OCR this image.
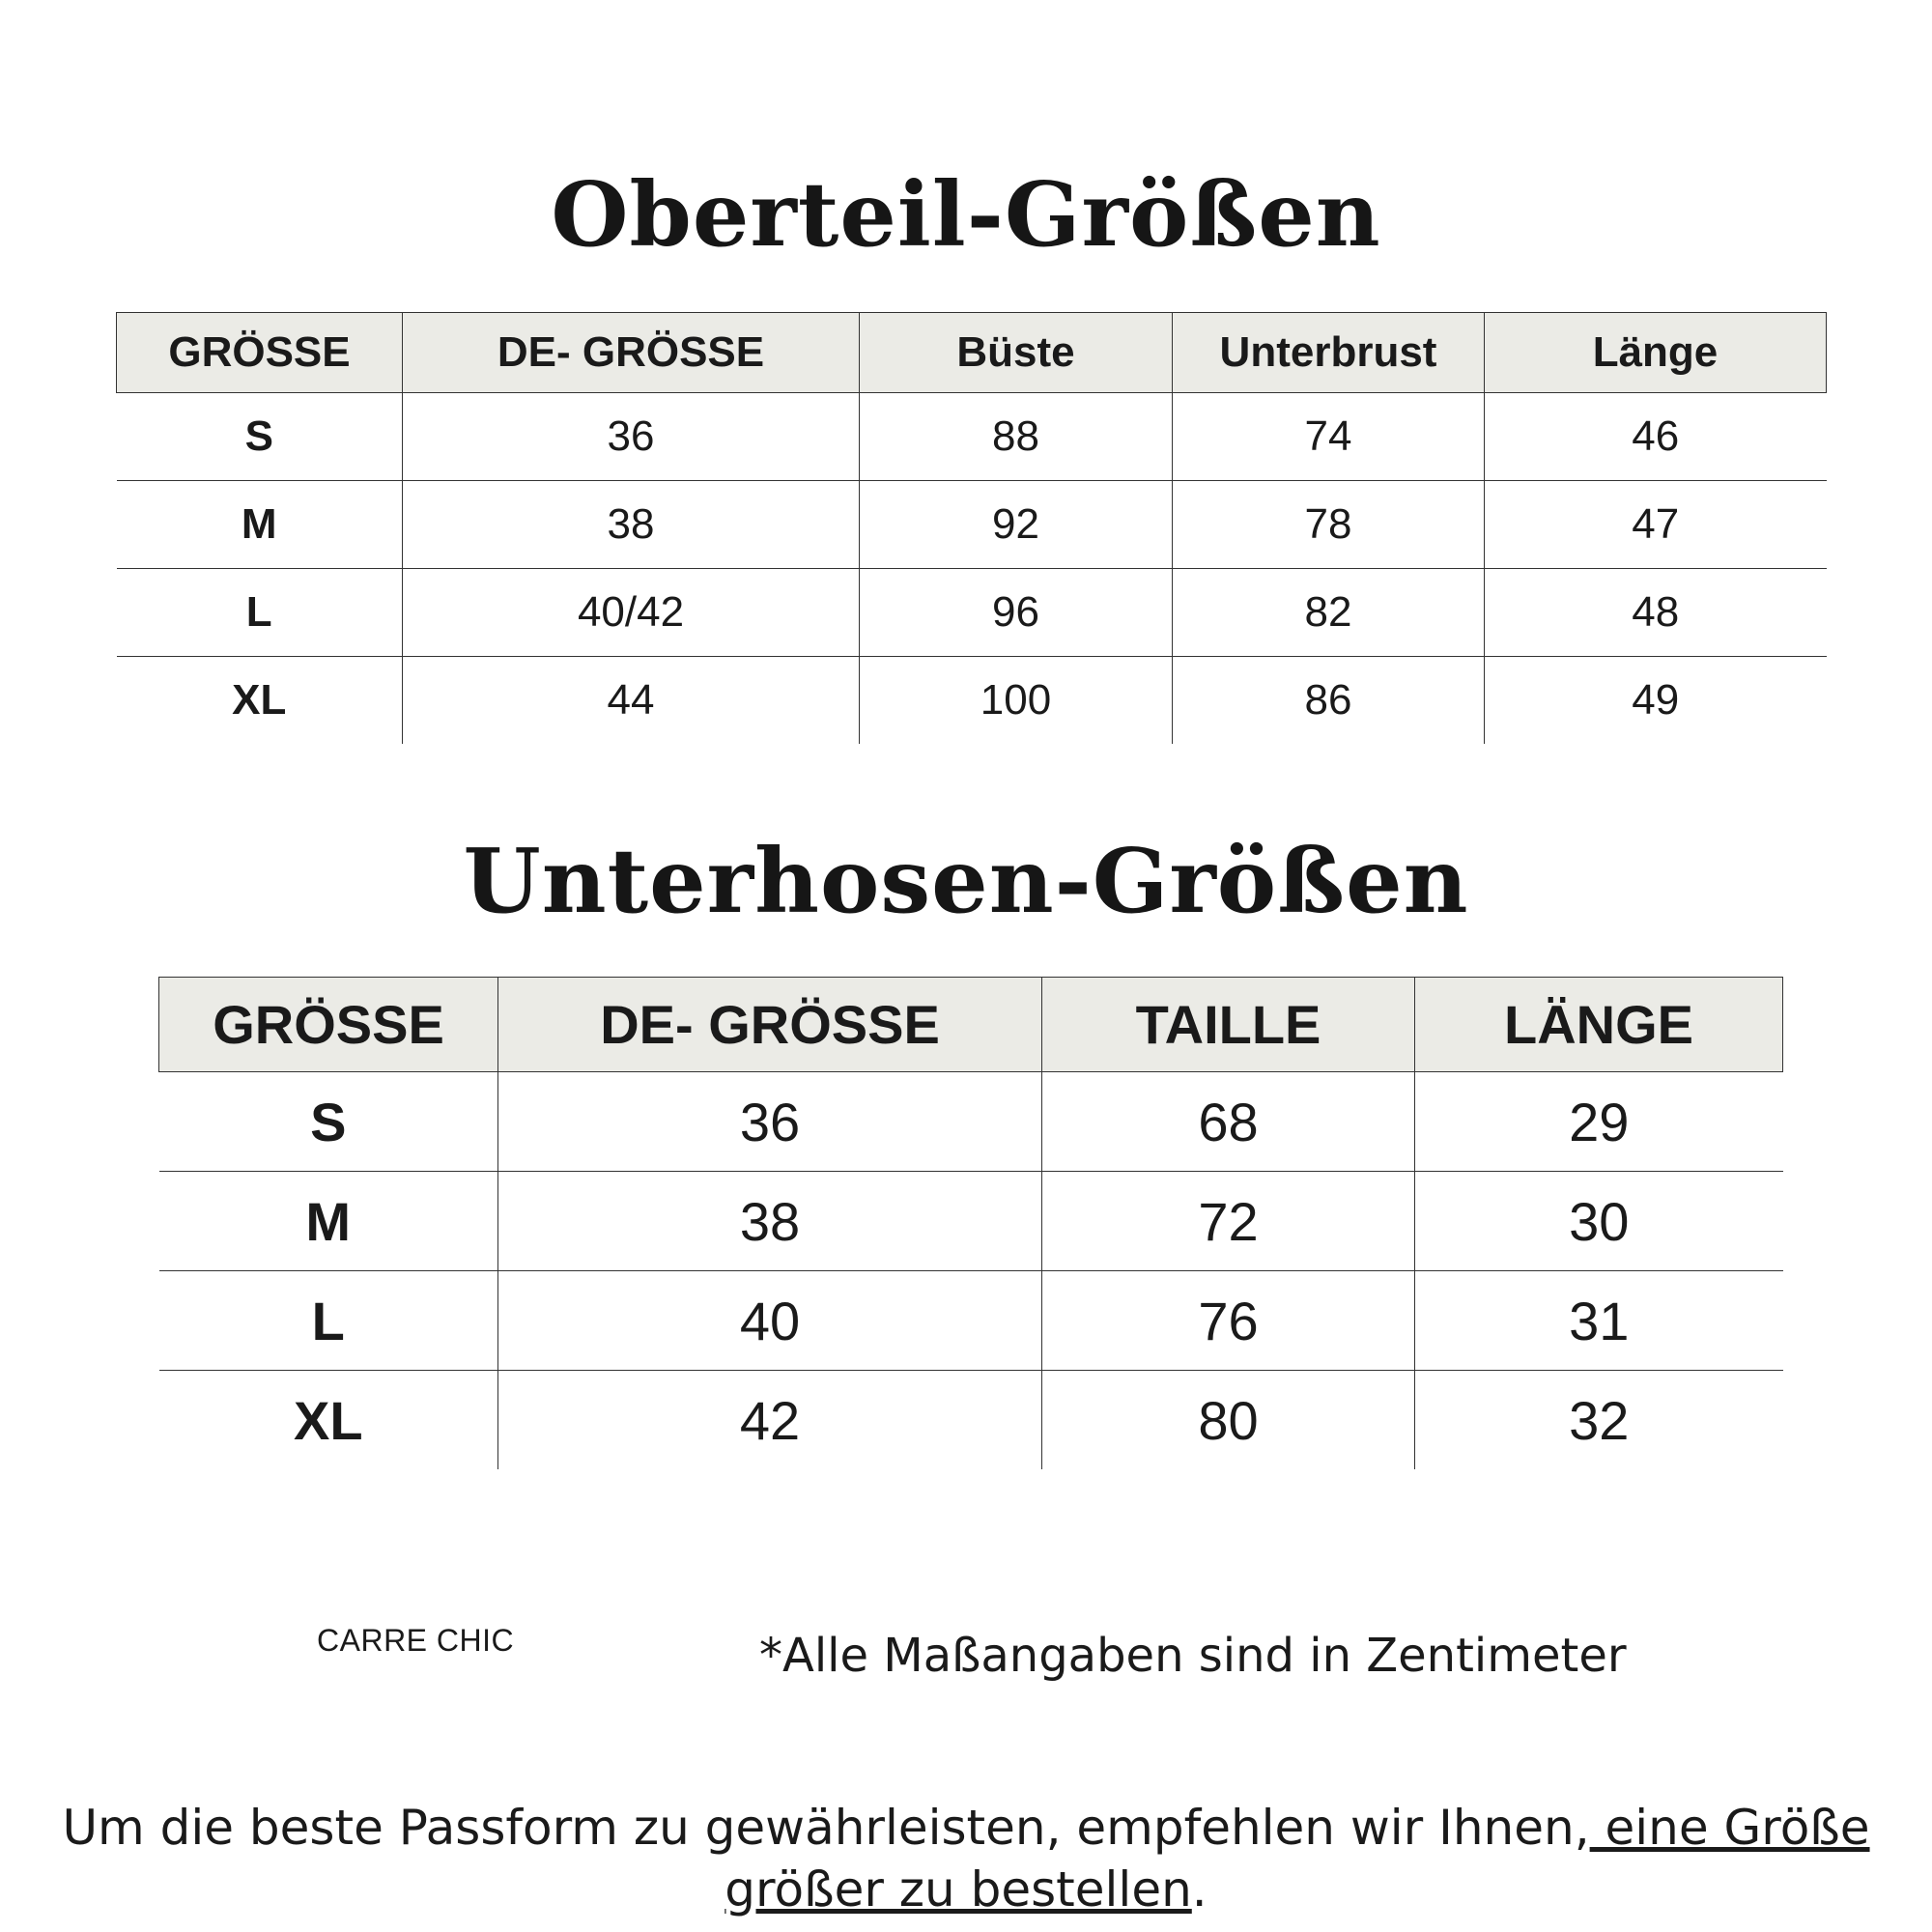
Oberteil-Größen
GRÖSSE	DE- GRÖSSE	Büste	Unterbrust	Länge
S	36	88	74	46
M	38	92	78	47
L	40/42	96	82	48
XL	44	100	86	49
Unterhosen-Größen
GRÖSSE	DE- GRÖSSE	TAILLE	LÄNGE
S	36	68	29
M	38	72	30
L	40	76	31
XL	42	80	32
CARRE CHIC	*Alle Maßangaben sind in Zentimeter

Um die beste Passform zu gewährleisten, empfehlen wir Ihnen, eine Größe größer zu bestellen.
